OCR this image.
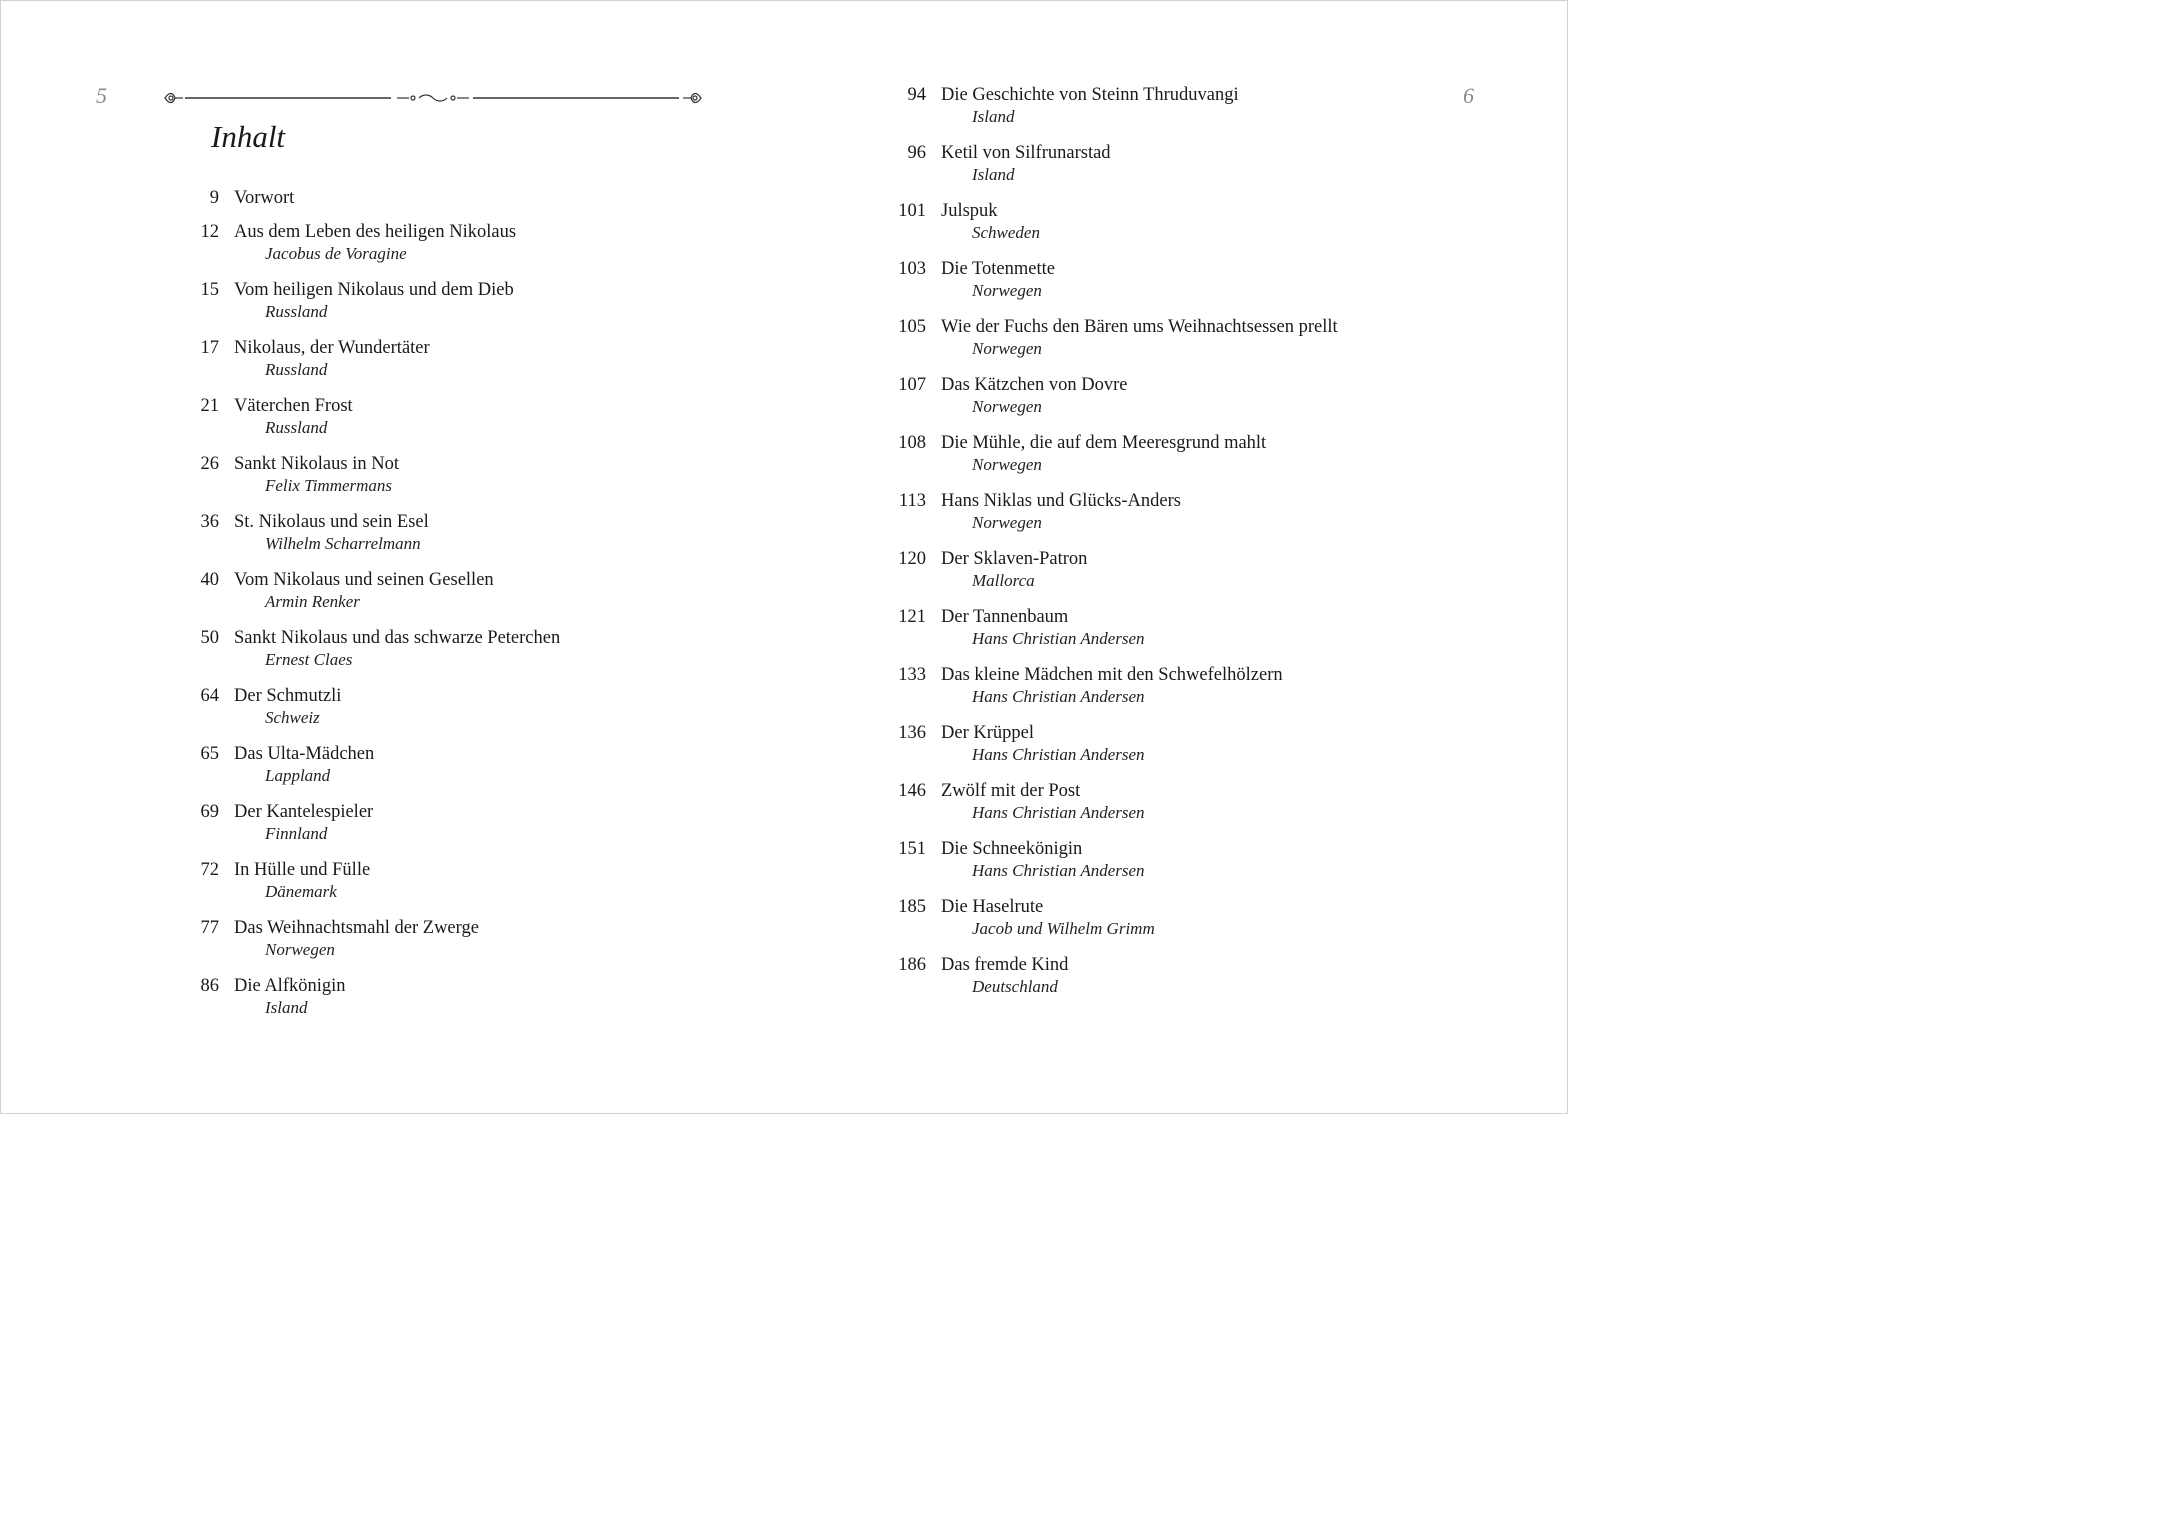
5
Inhalt
9 Vorwort
12 Aus dem Leben des heiligen Nikolaus
Jacobus de Voragine
15 Vom heiligen Nikolaus und dem Dieb
Russland
17 Nikolaus, der Wundertäter
Russland
21 Väterchen Frost
Russland
26 Sankt Nikolaus in Not
Felix Timmermans
36 St. Nikolaus und sein Esel
Wilhelm Scharrelmann
40 Vom Nikolaus und seinen Gesellen
Armin Renker
50 Sankt Nikolaus und das schwarze Peterchen
Ernest Claes
64 Der Schmutzli
Schweiz
65 Das Ulta-Mädchen
Lappland
69 Der Kantelespieler
Finnland
72 In Hülle und Fülle
Dänemark
77 Das Weihnachtsmahl der Zwerge
Norwegen
86 Die Alfkönigin
Island
6
94 Die Geschichte von Steinn Thruduvangi
Island
96 Ketil von Silfrunarstad
Island
101 Julspuk
Schweden
103 Die Totenmette
Norwegen
105 Wie der Fuchs den Bären ums Weihnachtsessen prellt
Norwegen
107 Das Kätzchen von Dovre
Norwegen
108 Die Mühle, die auf dem Meeresgrund mahlt
Norwegen
113 Hans Niklas und Glücks-Anders
Norwegen
120 Der Sklaven-Patron
Mallorca
121 Der Tannenbaum
Hans Christian Andersen
133 Das kleine Mädchen mit den Schwefelhölzern
Hans Christian Andersen
136 Der Krüppel
Hans Christian Andersen
146 Zwölf mit der Post
Hans Christian Andersen
151 Die Schneekönigin
Hans Christian Andersen
185 Die Haselrute
Jacob und Wilhelm Grimm
186 Das fremde Kind
Deutschland
